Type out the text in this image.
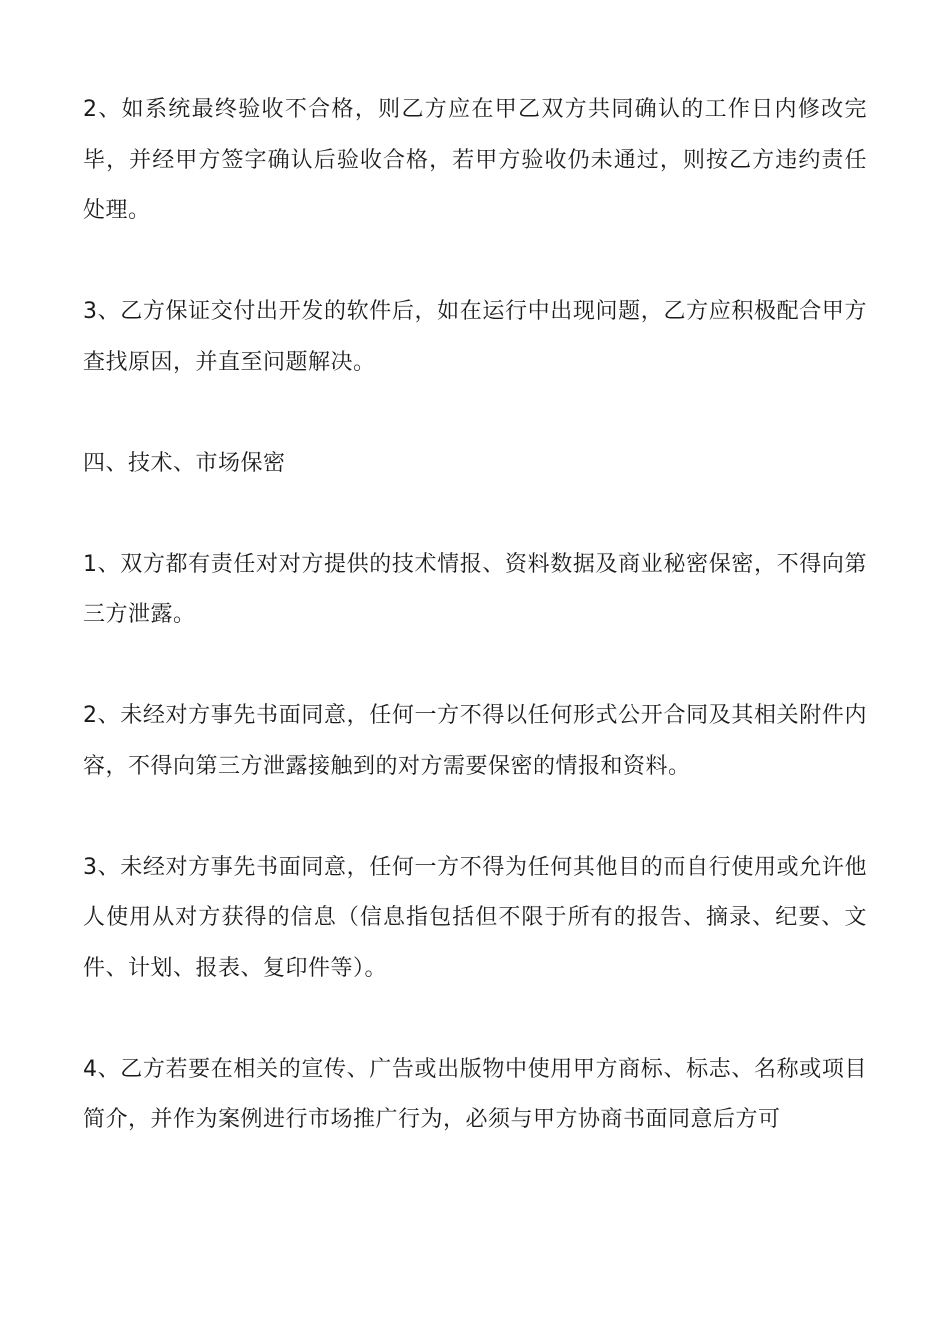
2、如系统最终验收不合格，则乙方应在甲乙双方共同确认的工作日内修改完毕，并经甲方签字确认后验收合格，若甲方验收仍未通过，则按乙方违约责任处理。

3、乙方保证交付出开发的软件后，如在运行中出现问题，乙方应积极配合甲方查找原因，并直至问题解决。

四、技术、市场保密

1、双方都有责任对对方提供的技术情报、资料数据及商业秘密保密，不得向第三方泄露。

2、未经对方事先书面同意，任何一方不得以任何形式公开合同及其相关附件内容，不得向第三方泄露接触到的对方需要保密的情报和资料。

3、未经对方事先书面同意，任何一方不得为任何其他目的而自行使用或允许他人使用从对方获得的信息（信息指包括但不限于所有的报告、摘录、纪要、文件、计划、报表、复印件等）。

4、乙方若要在相关的宣传、广告或出版物中使用甲方商标、标志、名称或项目简介，并作为案例进行市场推广行为，必须与甲方协商书面同意后方可
